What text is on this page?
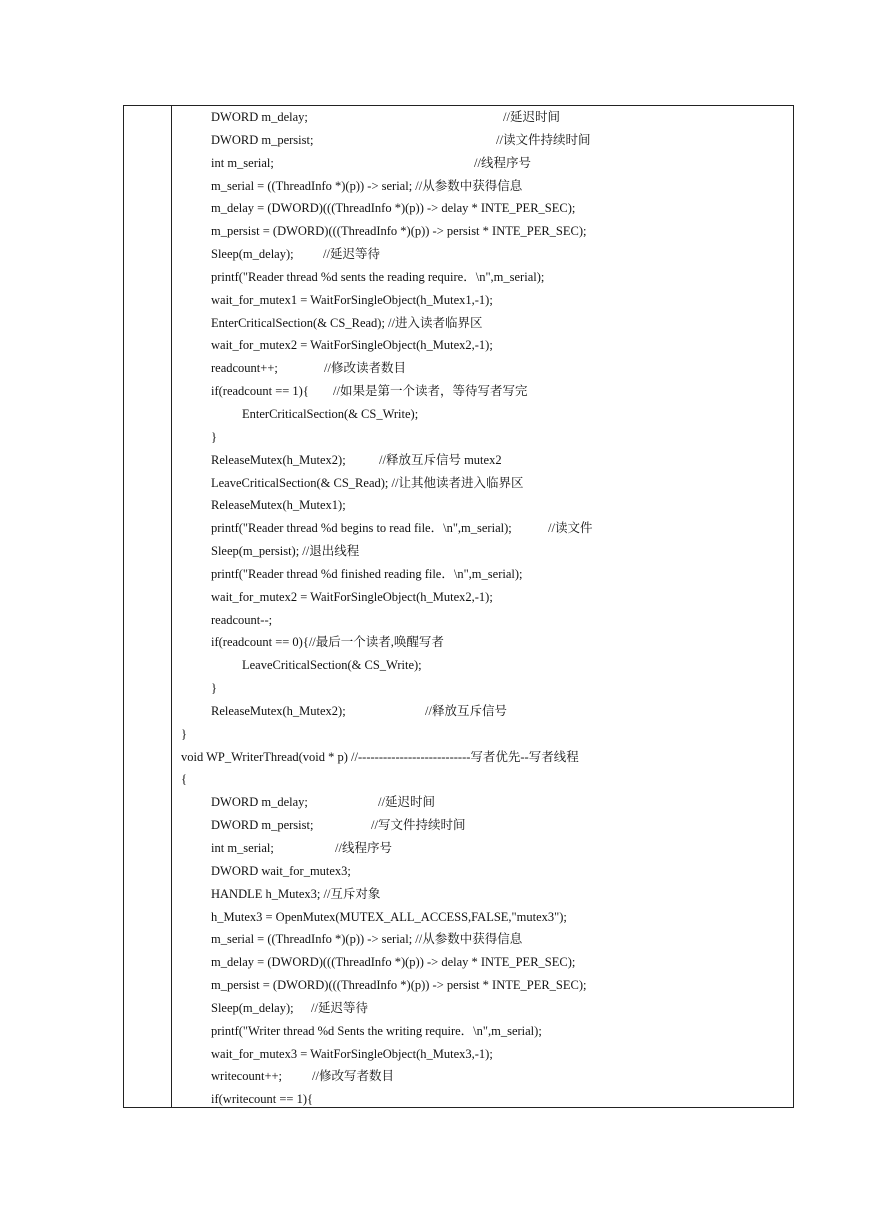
DWORD m_delay;	//延迟时间
DWORD m_persist;	//读文件持续时间
int m_serial;	//线程序号
m_serial = ((ThreadInfo *)(p)) -> serial; //从参数中获得信息
m_delay = (DWORD)(((ThreadInfo *)(p)) -> delay * INTE_PER_SEC);
m_persist = (DWORD)(((ThreadInfo *)(p)) -> persist * INTE_PER_SEC);
Sleep(m_delay); //延迟等待
printf("Reader thread %d sents the reading require．\n",m_serial);
wait_for_mutex1 = WaitForSingleObject(h_Mutex1,-1);
EnterCriticalSection(& CS_Read); //进入读者临界区
wait_for_mutex2 = WaitForSingleObject(h_Mutex2,-1);
readcount++;	//修改读者数目
if(readcount == 1){ //如果是第一个读者，等待写者写完
EnterCriticalSection(& CS_Write);
}
ReleaseMutex(h_Mutex2);	//释放互斥信号 mutex2
LeaveCriticalSection(& CS_Read); //让其他读者进入临界区
ReleaseMutex(h_Mutex1);
printf("Reader thread %d begins to read file．\n",m_serial);	//读文件
Sleep(m_persist); //退出线程
printf("Reader thread %d finished reading file．\n",m_serial);
wait_for_mutex2 = WaitForSingleObject(h_Mutex2,-1);
readcount--;
if(readcount == 0){//最后一个读者,唤醒写者
LeaveCriticalSection(& CS_Write);
}
ReleaseMutex(h_Mutex2);	//释放互斥信号
}
void WP_WriterThread(void * p) //---------------------------写者优先--写者线程
{
DWORD m_delay;	//延迟时间
DWORD m_persist;	//写文件持续时间
int m_serial;	//线程序号
DWORD wait_for_mutex3;
HANDLE h_Mutex3; //互斥对象
h_Mutex3 = OpenMutex(MUTEX_ALL_ACCESS,FALSE,"mutex3");
m_serial = ((ThreadInfo *)(p)) -> serial; //从参数中获得信息
m_delay = (DWORD)(((ThreadInfo *)(p)) -> delay * INTE_PER_SEC);
m_persist = (DWORD)(((ThreadInfo *)(p)) -> persist * INTE_PER_SEC);
Sleep(m_delay); //延迟等待
printf("Writer thread %d Sents the writing require．\n",m_serial);
wait_for_mutex3 = WaitForSingleObject(h_Mutex3,-1);
writecount++; //修改写者数目
if(writecount == 1){
